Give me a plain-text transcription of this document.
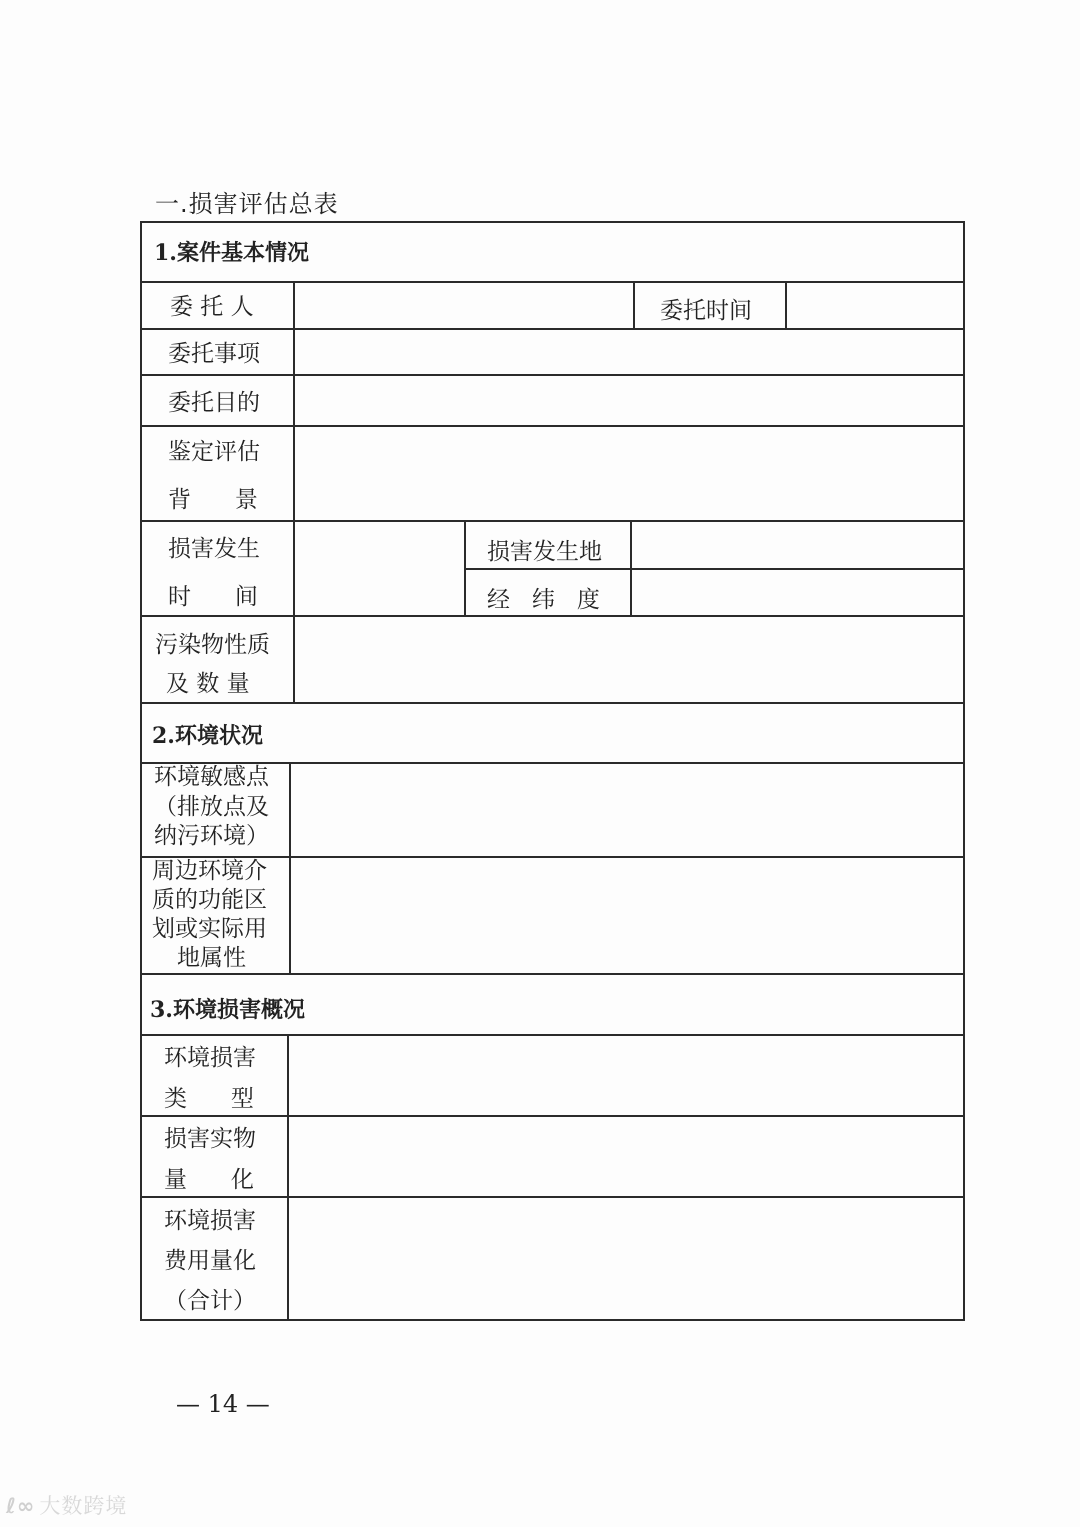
一.损害评估总表
1.案件基本情况
委 托 人	委托时间
委托事项
委托目的
鉴定评估
背      景
损害发生
时      间
损害发生地
经   纬   度
污染物性质
及 数 量
2.环境状况
环境敏感点
（排放点及
纳污环境）
周边环境介
质的功能区
划或实际用
地属性
3.环境损害概况
环境损害
类      型
损害实物
量      化
环境损害
费用量化
（合计）
— 14 —
ℓ∞ 大数跨境
